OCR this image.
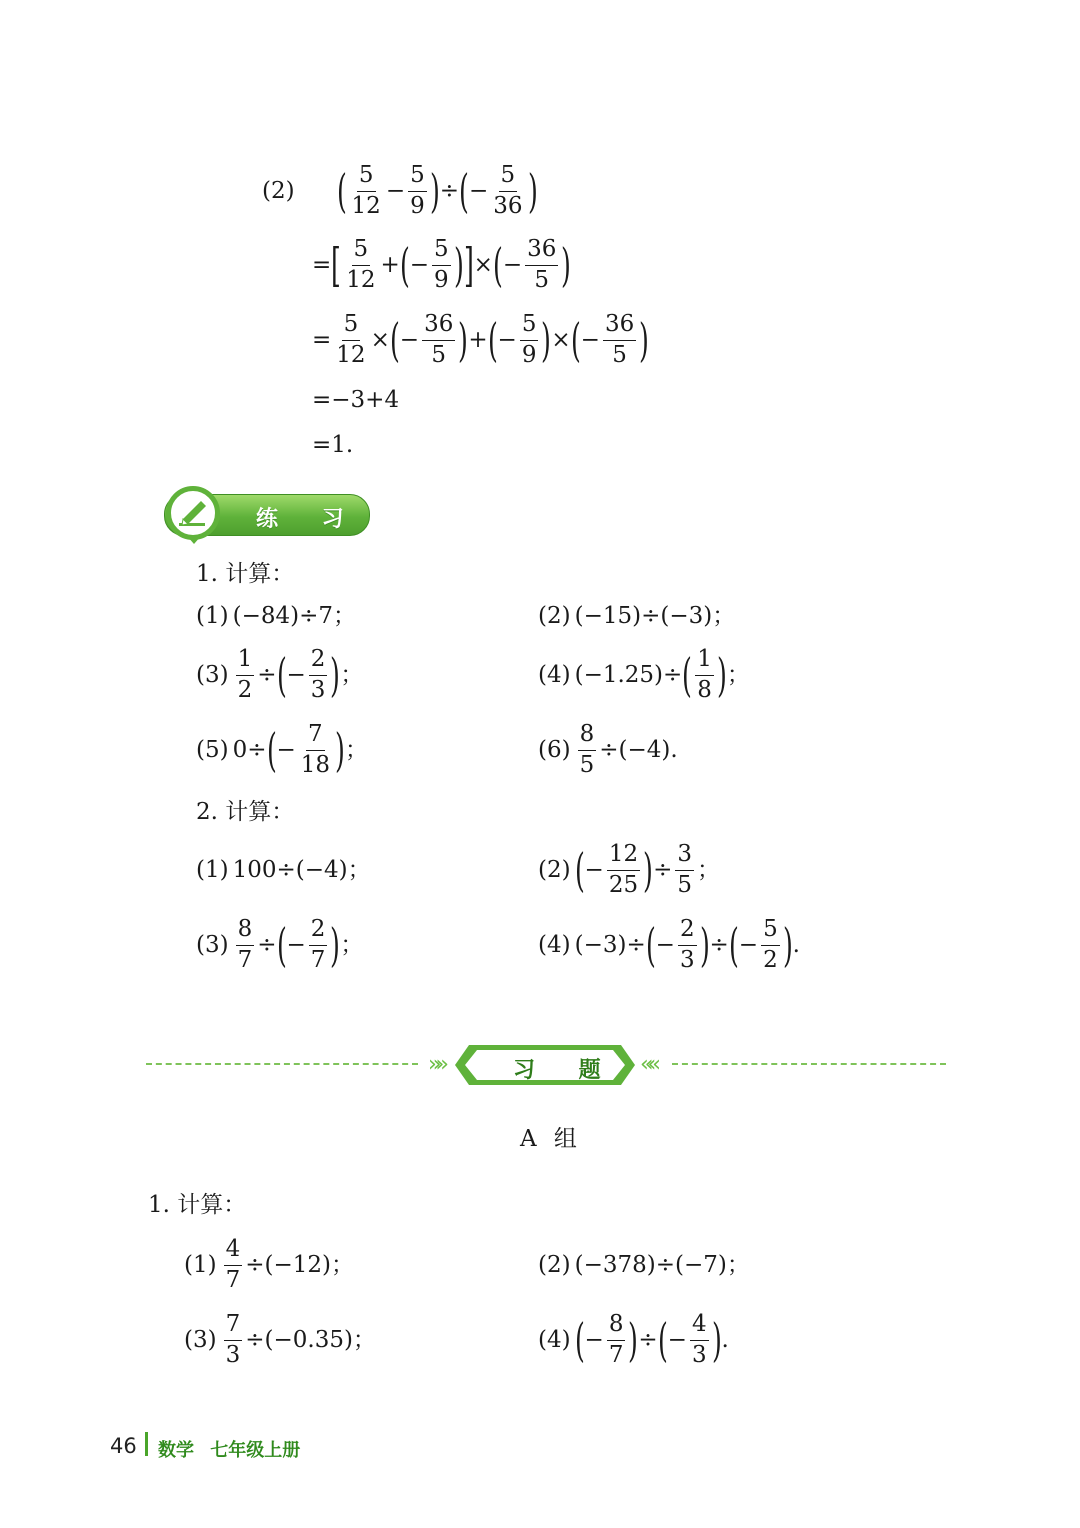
(2) ( $\frac{5}{12} - \frac{5}{9}$ ) ÷ ( − $\frac{5}{36}$ )
= [ $\frac{5}{12}$ + ( − $\frac{5}{9}$ ) ] × ( − $\frac{36}{5}$ )
= $\frac{5}{12}$ × ( − $\frac{36}{5}$ ) + ( − $\frac{5}{9}$ ) × ( − $\frac{36}{5}$ )
=−3+4
=1.
练 习
1. 计算：
(1) (−84)÷7；	(2) (−15)÷(−3)；
$(3) \frac{1}{2}$ ÷ ( − $\frac{2}{3}$ ) ；	(4) (−1.25)÷ ( $\frac{1}{8}$ ) ；
(5) 0÷ ( − $\frac{7}{18}$ ) ；	$(6) \frac{8}{5} \div(-4)$.
2. 计算：
(1) 100÷(−4)；	(2) ( − $\frac{12}{25}$ ) ÷ $\frac{3}{5}$ ；
$(3) \frac{8}{7}$ ÷ ( − $\frac{2}{7}$ ) ；	(4) (−3)÷ ( − $\frac{2}{3}$ ) ÷ ( − $\frac{5}{2}$ ) .
»»	习 题 ««
A 组
1. 计算：
$(1) \frac{4}{7} \div(-12)$；	(2) (−378)÷(−7)；
$(3) \frac{7}{3} \div(-0.35)$；	(4) ( − $\frac{8}{7}$ ) ÷ ( − $\frac{4}{3}$ ) .
46 数学 七年级上册
